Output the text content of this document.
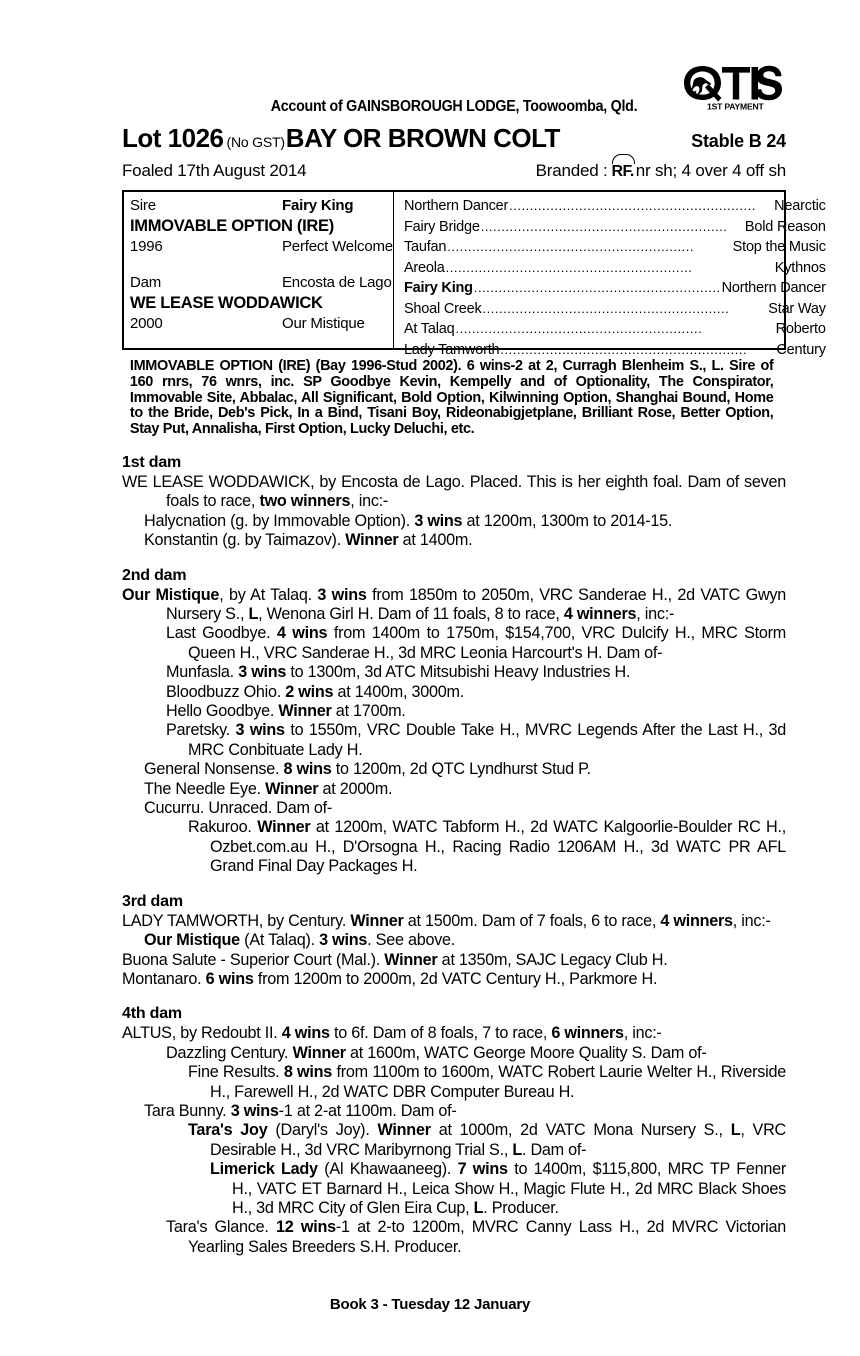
1ST PAYMENT
Account of GAINSBOROUGH LODGE, Toowoomba, Qld.
Lot 1026 (No GST) BAY OR BROWN COLT	Stable B 24
Foaled 17th August 2014	Branded : RF. nr sh; 4 over 4 off sh
Sire	Fairy King
IMMOVABLE OPTION (IRE)
1996	Perfect Welcome
Dam	Encosta de Lago
WE LEASE WODDAWICK
2000	Our Mistique
Northern Dancer ............................................................	Nearctic
Fairy Bridge ............................................................	Bold Reason
Taufan ............................................................	Stop the Music
Areola ............................................................	Kythnos
Fairy King ............................................................ Northern Dancer
Shoal Creek ............................................................	Star Way
At Talaq ............................................................	Roberto
Lady Tamworth ............................................................	Century
IMMOVABLE OPTION (IRE) (Bay 1996-Stud 2002). 6 wins-2 at 2, Curragh Blenheim S., L. Sire of 160 rnrs, 76 wnrs, inc. SP Goodbye Kevin, Kempelly and of Optionality, The Conspirator, Immovable Site, Abbalac, All Significant, Bold Option, Kilwinning Option, Shanghai Bound, Home to the Bride, Deb's Pick, In a Bind, Tisani Boy, Rideonabigjetplane, Brilliant Rose, Better Option, Stay Put, Annalisha, First Option, Lucky Deluchi, etc.
1st dam
WE LEASE WODDAWICK, by Encosta de Lago. Placed. This is her eighth foal. Dam of seven foals to race, two winners, inc:-
Halycnation (g. by Immovable Option). 3 wins at 1200m, 1300m to 2014-15.
Konstantin (g. by Taimazov). Winner at 1400m.
2nd dam
Our Mistique, by At Talaq. 3 wins from 1850m to 2050m, VRC Sanderae H., 2d VATC Gwyn Nursery S., L, Wenona Girl H. Dam of 11 foals, 8 to race, 4 winners, inc:-
Last Goodbye. 4 wins from 1400m to 1750m, $154,700, VRC Dulcify H., MRC Storm Queen H., VRC Sanderae H., 3d MRC Leonia Harcourt's H. Dam of-
Munfasla. 3 wins to 1300m, 3d ATC Mitsubishi Heavy Industries H.
Bloodbuzz Ohio. 2 wins at 1400m, 3000m.
Hello Goodbye. Winner at 1700m.
Paretsky. 3 wins to 1550m, VRC Double Take H., MVRC Legends After the Last H., 3d MRC Conbituate Lady H.
General Nonsense. 8 wins to 1200m, 2d QTC Lyndhurst Stud P.
The Needle Eye. Winner at 2000m.
Cucurru. Unraced. Dam of-
Rakuroo. Winner at 1200m, WATC Tabform H., 2d WATC Kalgoorlie-Boulder RC H., Ozbet.com.au H., D'Orsogna H., Racing Radio 1206AM H., 3d WATC PR AFL Grand Final Day Packages H.
3rd dam
LADY TAMWORTH, by Century. Winner at 1500m. Dam of 7 foals, 6 to race, 4 winners, inc:-
Our Mistique (At Talaq). 3 wins. See above.
Buona Salute - Superior Court (Mal.). Winner at 1350m, SAJC Legacy Club H.
Montanaro. 6 wins from 1200m to 2000m, 2d VATC Century H., Parkmore H.
4th dam
ALTUS, by Redoubt II. 4 wins to 6f. Dam of 8 foals, 7 to race, 6 winners, inc:-
Dazzling Century. Winner at 1600m, WATC George Moore Quality S. Dam of-
Fine Results. 8 wins from 1100m to 1600m, WATC Robert Laurie Welter H., Riverside H., Farewell H., 2d WATC DBR Computer Bureau H.
Tara Bunny. 3 wins-1 at 2-at 1100m. Dam of-
Tara's Joy (Daryl's Joy). Winner at 1000m, 2d VATC Mona Nursery S., L, VRC Desirable H., 3d VRC Maribyrnong Trial S., L. Dam of-
Limerick Lady (Al Khawaaneeg). 7 wins to 1400m, $115,800, MRC TP Fenner H., VATC ET Barnard H., Leica Show H., Magic Flute H., 2d MRC Black Shoes H., 3d MRC City of Glen Eira Cup, L. Producer.
Tara's Glance. 12 wins-1 at 2-to 1200m, MVRC Canny Lass H., 2d MVRC Victorian Yearling Sales Breeders S.H. Producer.
Book 3 - Tuesday 12 January
